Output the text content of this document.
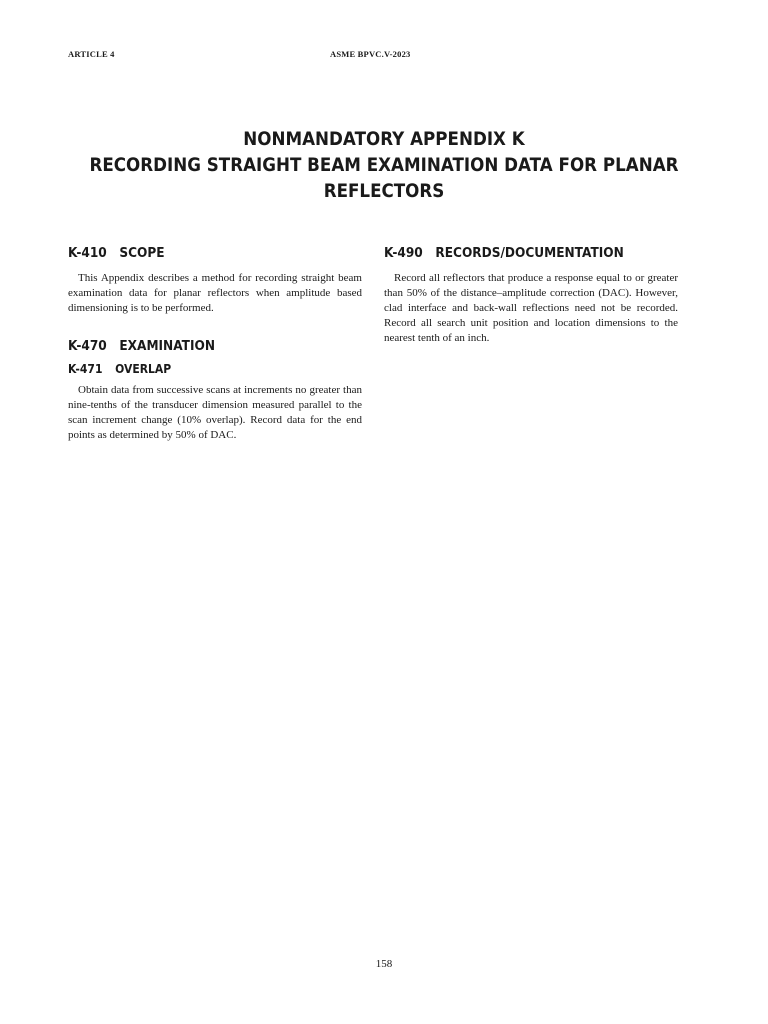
ARTICLE 4	ASME BPVC.V-2023
NONMANDATORY APPENDIX K
RECORDING STRAIGHT BEAM EXAMINATION DATA FOR PLANAR
REFLECTORS
K-410 SCOPE

This Appendix describes a method for recording straight beam examination data for planar reflectors when amplitude based dimensioning is to be performed.

K-470 EXAMINATION
K-471 OVERLAP

Obtain data from successive scans at increments no greater than nine-tenths of the transducer dimension measured parallel to the scan increment change (10% overlap). Record data for the end points as determined by 50% of DAC.

K-490 RECORDS/DOCUMENTATION

Record all reflectors that produce a response equal to or greater than 50% of the distance–amplitude correction (DAC). However, clad interface and back-wall reflections need not be recorded. Record all search unit position and location dimensions to the nearest tenth of an inch.

158
